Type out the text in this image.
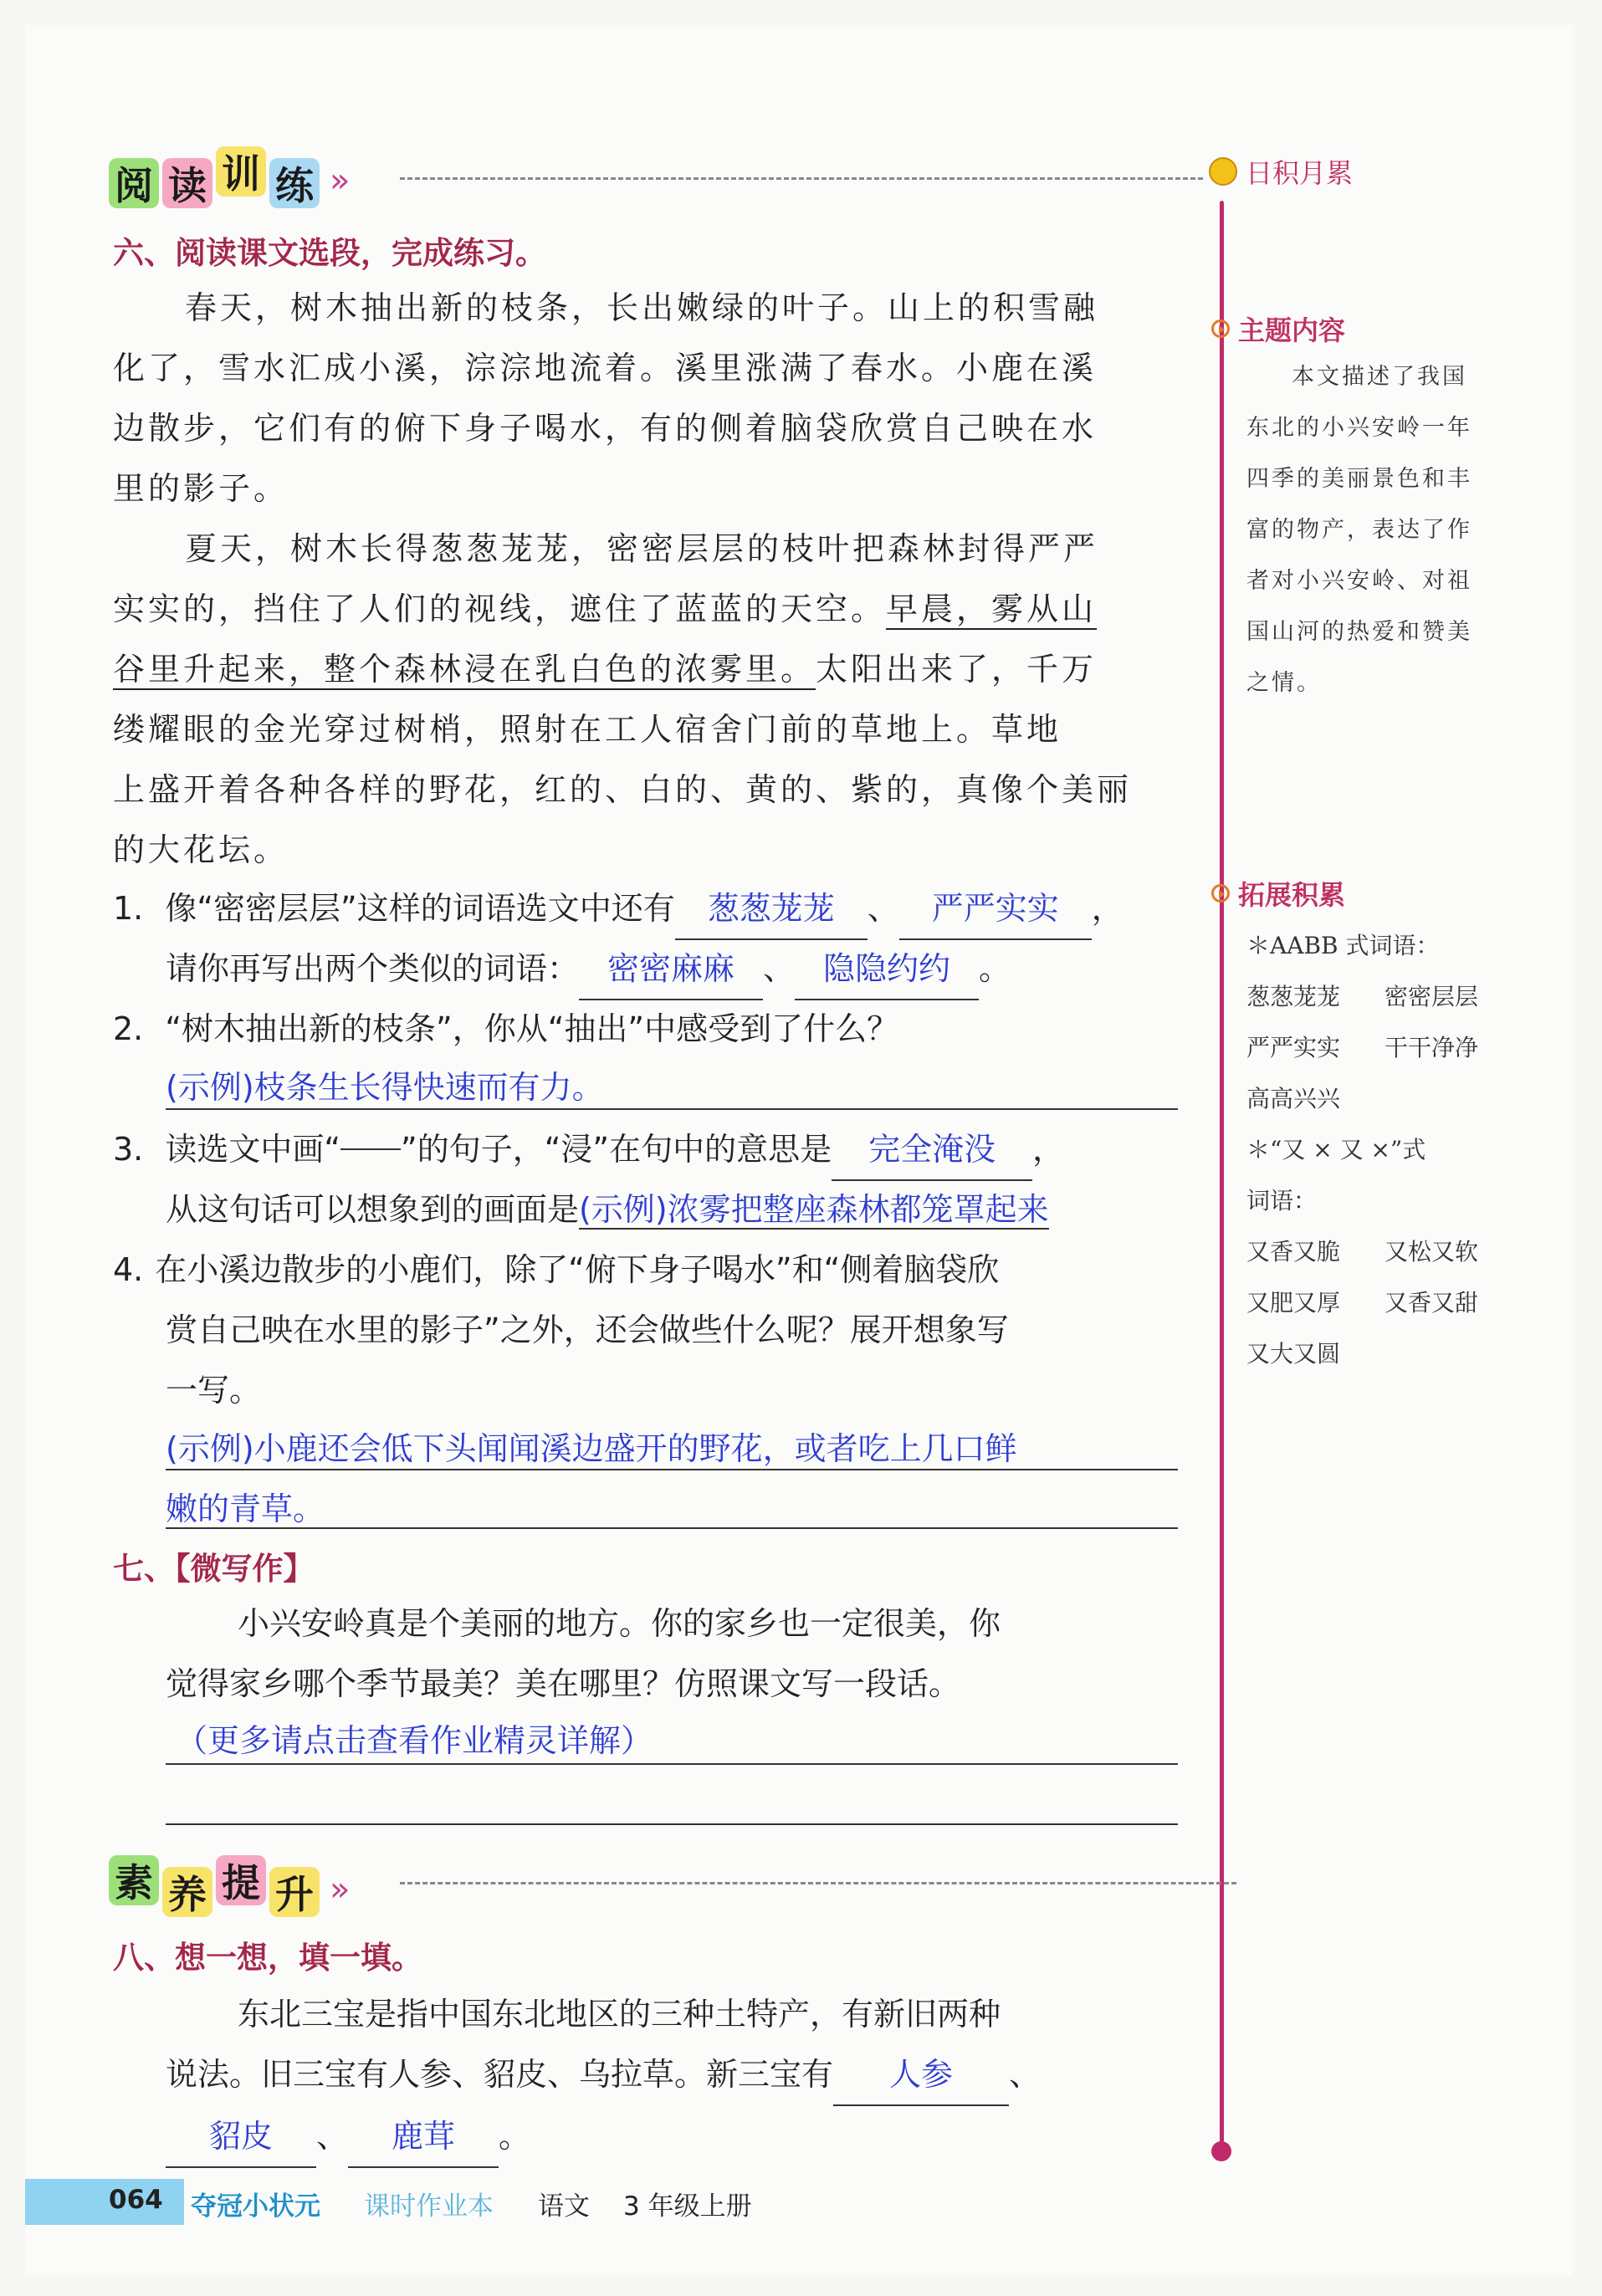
阅 读 训 练 »	日积月累
主题内容
本文描述了我国
东北的小兴安岭一年
四季的美丽景色和丰
富的物产，表达了作
者对小兴安岭、对祖
国山河的热爱和赞美
之情。
拓展积累
＊AABB 式词语：
葱葱茏茏 密密层层
严严实实 干干净净
高高兴兴
＊“又 × 又 ×”式
词语：
又香又脆 又松又软
又肥又厚 又香又甜
又大又圆
六、阅读课文选段，完成练习。
春天，树木抽出新的枝条，长出嫩绿的叶子。山上的积雪融
化了，雪水汇成小溪，淙淙地流着。溪里涨满了春水。小鹿在溪
边散步，它们有的俯下身子喝水，有的侧着脑袋欣赏自己映在水
里的影子。
夏天，树木长得葱葱茏茏，密密层层的枝叶把森林封得严严
实实的，挡住了人们的视线，遮住了蓝蓝的天空。早晨，雾从山
谷里升起来，整个森林浸在乳白色的浓雾里。太阳出来了，千万
缕耀眼的金光穿过树梢，照射在工人宿舍门前的草地上。草地
上盛开着各种各样的野花，红的、白的、黄的、紫的，真像个美丽
的大花坛。
1. 像“密密层层”这样的词语选文中还有 葱葱茏茏 、 严严实实 ，
请你再写出两个类似的词语： 密密麻麻 、 隐隐约约 。
2. “树木抽出新的枝条”，你从“抽出”中感受到了什么？
(示例)枝条生长得快速而有力。
3. 读选文中画“ ”的句子，“浸”在句中的意思是 完全淹没 ，
从这句话可以想象到的画面是(示例)浓雾把整座森林都笼罩起来
4. 在小溪边散步的小鹿们，除了“俯下身子喝水”和“侧着脑袋欣
赏自己映在水里的影子”之外，还会做些什么呢？展开想象写
一写。
(示例)小鹿还会低下头闻闻溪边盛开的野花，或者吃上几口鲜
嫩的青草。
七、【微写作】
小兴安岭真是个美丽的地方。你的家乡也一定很美，你
觉得家乡哪个季节最美？美在哪里？仿照课文写一段话。
（更多请点击查看作业精灵详解）
素 养 提 升 »
八、想一想，填一填。
东北三宝是指中国东北地区的三种土特产，有新旧两种
说法。旧三宝有人参、貂皮、乌拉草。新三宝有 人参 、
貂皮 、 鹿茸 。
064 夺冠小状元 课时作业本 语文 3 年级上册
